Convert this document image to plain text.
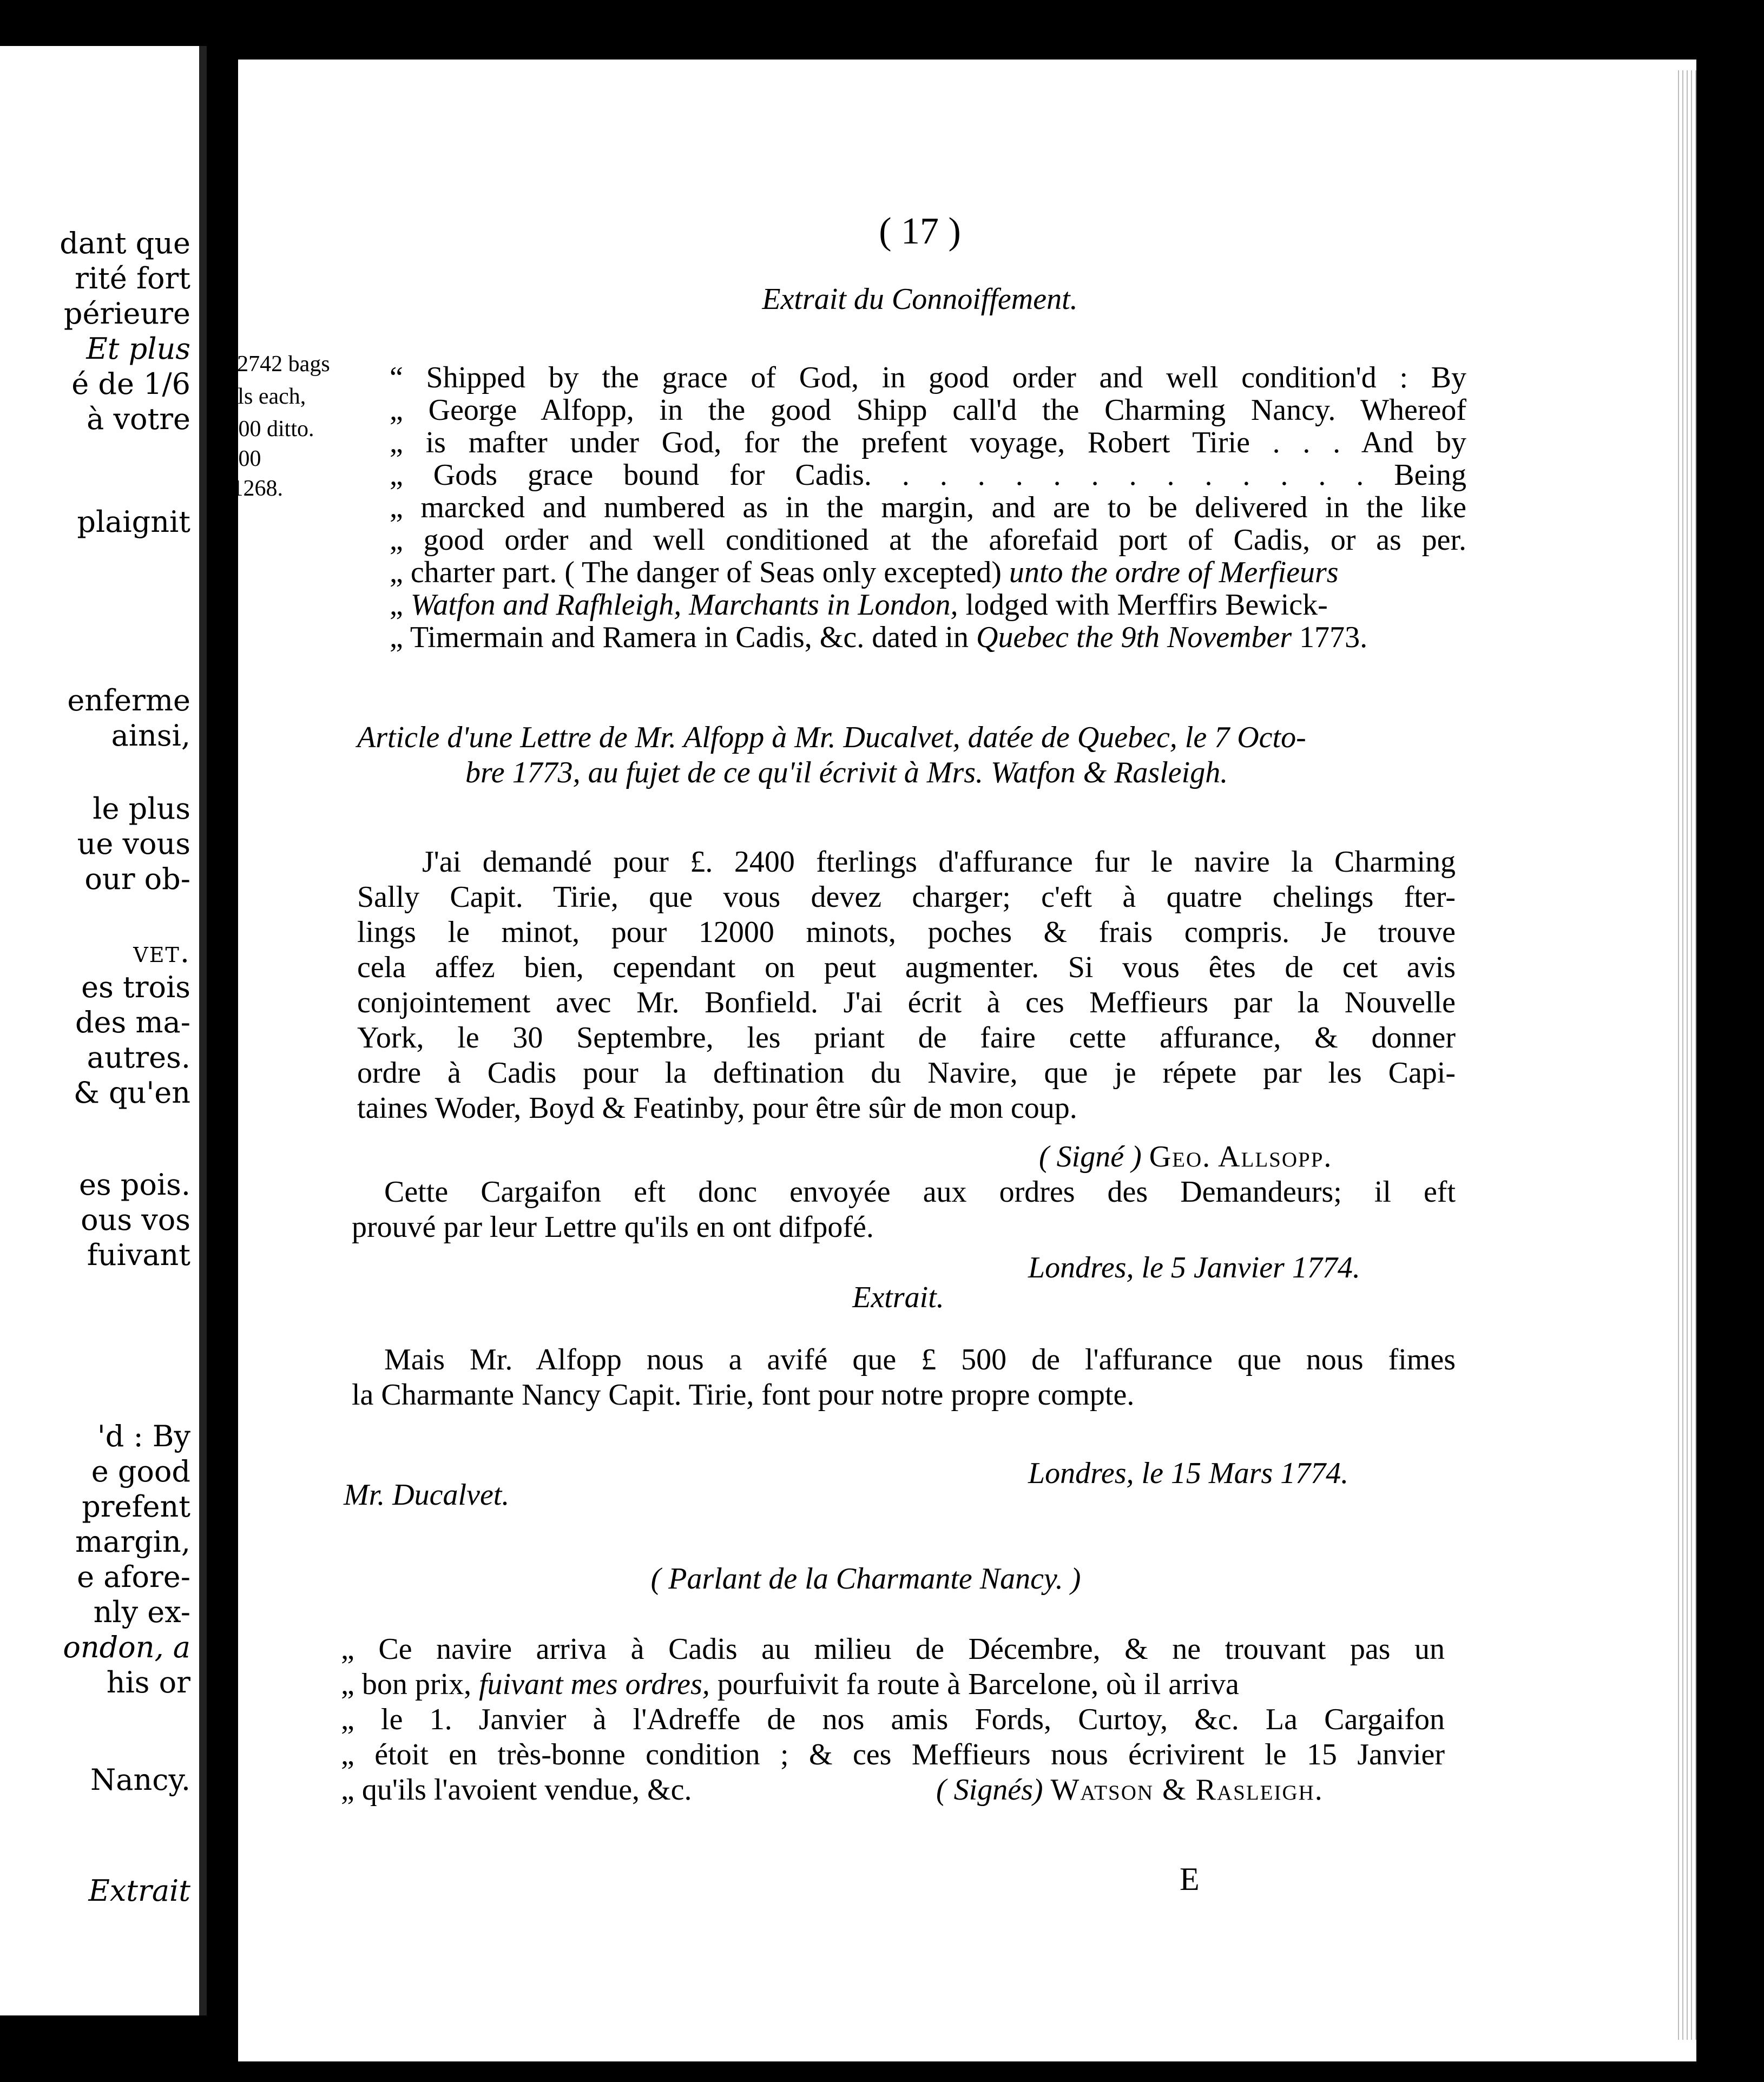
dant que
rité fort
périeure
Et plus
é de 1/6
à votre
plaignit
enferme
ainsi,
le plus
ue vous
our ob-
vet.
es trois
des ma-
autres.
& qu'en
es pois.
ous vos
fuivant
'd : By
e good
prefent
margin,
e afore-
nly ex-
ondon, a
his or
Nancy.
Extrait
lls 2742 bags
hells each,
8,100 ditto.
0 300
, 11268.
( 17 )
Extrait du Connoiffement.
“ Shipped by the grace of God, in good order and well condition'd : By
„ George Alfopp, in the good Shipp call'd the Charming Nancy. Whereof
„ is mafter under God, for the prefent voyage, Robert Tirie . . . And by
„ Gods grace bound for Cadis. . . . . . . . . . . . . . Being
„ marcked and numbered as in the margin, and are to be delivered in the like
„ good order and well conditioned at the aforefaid port of Cadis, or as per.
„ charter part. ( The danger of Seas only excepted) unto the ordre of Merfieurs
„ Watfon and Rafhleigh, Marchants in London, lodged with Merffirs Bewick-
„ Timermain and Ramera in Cadis, &c. dated in Quebec the 9th November 1773.
Article d'une Lettre de Mr. Alfopp à Mr. Ducalvet, datée de Quebec, le 7 Octo-
bre 1773, au fujet de ce qu'il écrivit à Mrs. Watfon & Rasleigh.
J'ai demandé pour £. 2400 fterlings d'affurance fur le navire la Charming
Sally Capit. Tirie, que vous devez charger; c'eft à quatre chelings fter-
lings le minot, pour 12000 minots, poches & frais compris. Je trouve
cela affez bien, cependant on peut augmenter. Si vous êtes de cet avis
conjointement avec Mr. Bonfield. J'ai écrit à ces Meffieurs par la Nouvelle
York, le 30 Septembre, les priant de faire cette affurance, & donner
ordre à Cadis pour la deftination du Navire, que je répete par les Capi-
taines Woder, Boyd & Featinby, pour être sûr de mon coup.
( Signé ) Geo. Allsopp.
Cette Cargaifon eft donc envoyée aux ordres des Demandeurs; il eft
prouvé par leur Lettre qu'ils en ont difpofé.
Londres, le 5 Janvier 1774.
Extrait.
Mais Mr. Alfopp nous a avifé que £ 500 de l'affurance que nous fimes
la Charmante Nancy Capit. Tirie, font pour notre propre compte.
Londres, le 15 Mars 1774.
Mr. Ducalvet.
( Parlant de la Charmante Nancy. )
„ Ce navire arriva à Cadis au milieu de Décembre, & ne trouvant pas un
„ bon prix, fuivant mes ordres, pourfuivit fa route à Barcelone, où il arriva
„ le 1. Janvier à l'Adreffe de nos amis Fords, Curtoy, &c. La Cargaifon
„ étoit en très-bonne condition ; & ces Meffieurs nous écrivirent le 15 Janvier
„ qu'ils l'avoient vendue, &c.	( Signés) Watson & Rasleigh.
E
